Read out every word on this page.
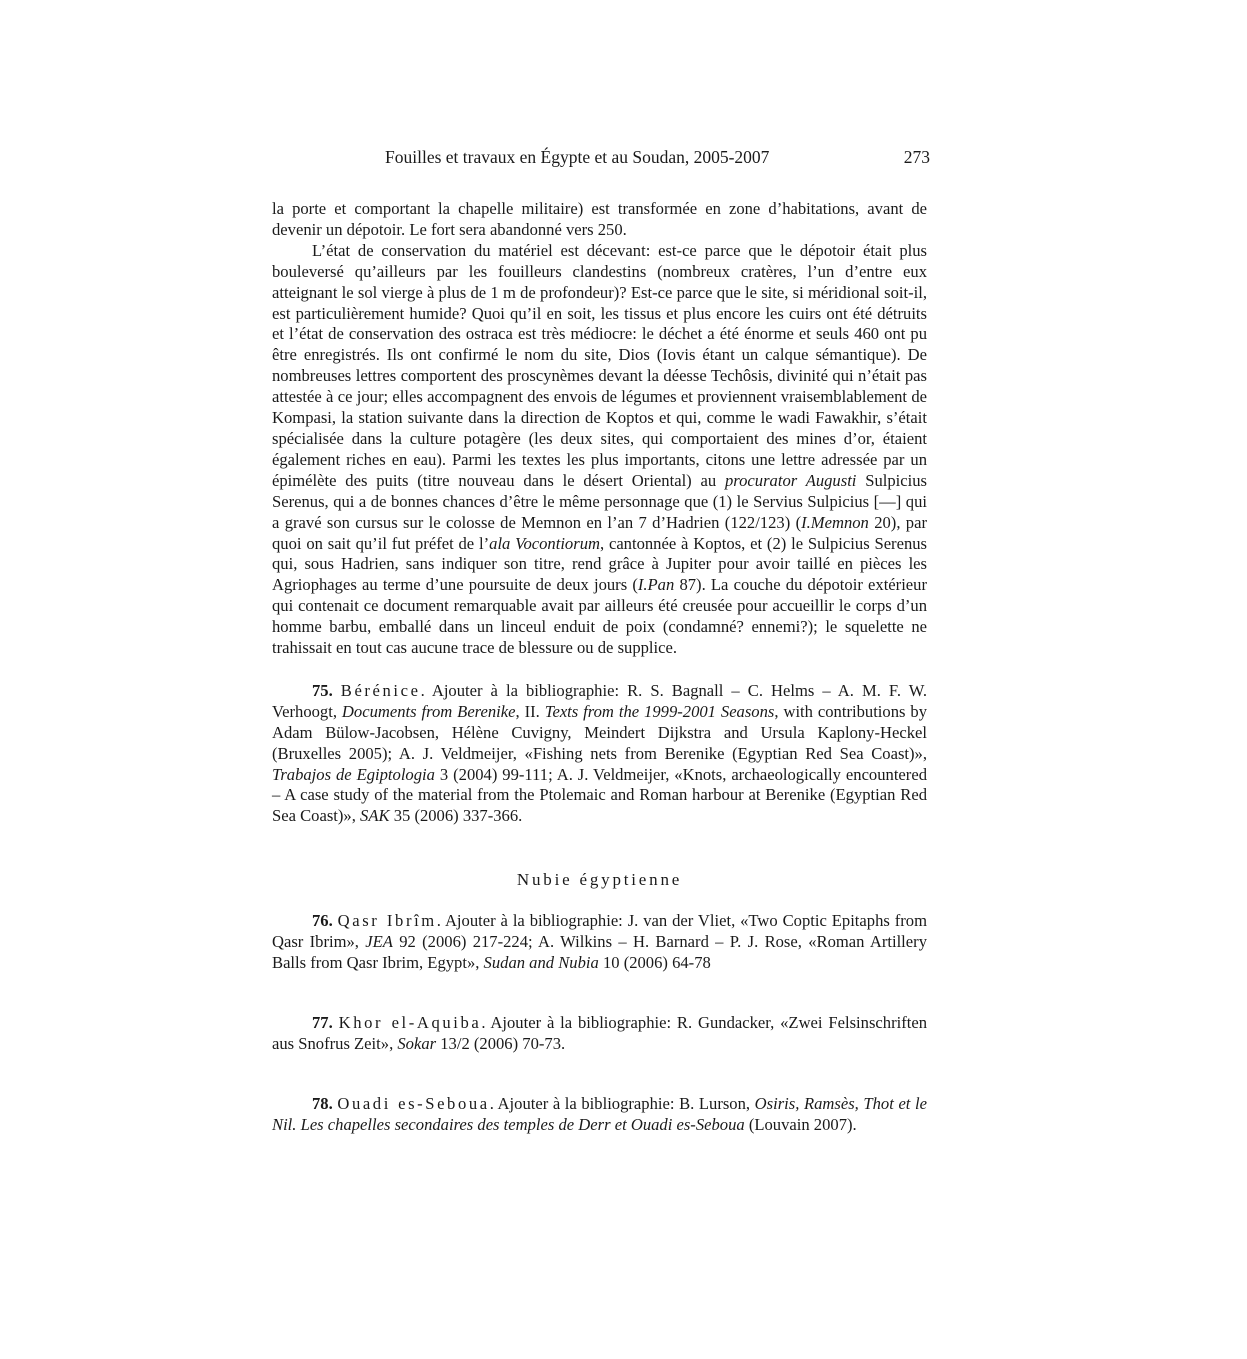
Fouilles et travaux en Égypte et au Soudan, 2005-2007	273

la porte et comportant la chapelle militaire) est transformée en zone d’habitations, avant de devenir un dépotoir. Le fort sera abandonné vers 250.

L’état de conservation du matériel est décevant: est-ce parce que le dépotoir était plus bouleversé qu’ailleurs par les fouilleurs clandestins (nombreux cratères, l’un d’entre eux atteignant le sol vierge à plus de 1 m de profondeur)? Est-ce parce que le site, si méridional soit-il, est particulièrement humide? Quoi qu’il en soit, les tissus et plus encore les cuirs ont été détruits et l’état de conservation des ostraca est très médiocre: le déchet a été énorme et seuls 460 ont pu être enregistrés. Ils ont confirmé le nom du site, Dios (Iovis étant un calque sémantique). De nombreuses lettres comportent des proscynèmes devant la déesse Techôsis, divinité qui n’était pas attestée à ce jour; elles accompagnent des envois de légumes et proviennent vraisemblablement de Kompasi, la station suivante dans la direction de Koptos et qui, comme le wadi Fawakhir, s’était spécialisée dans la culture potagère (les deux sites, qui comportaient des mines d’or, étaient également riches en eau). Parmi les textes les plus importants, citons une lettre adressée par un épimélète des puits (titre nouveau dans le désert Oriental) au procurator Augusti Sulpicius Serenus, qui a de bonnes chances d’être le même personnage que (1) le Servius Sulpicius [—] qui a gravé son cursus sur le colosse de Memnon en l’an 7 d’Hadrien (122/123) (I.Memnon 20), par quoi on sait qu’il fut préfet de l’ala Vocontiorum, cantonnée à Koptos, et (2) le Sulpicius Serenus qui, sous Hadrien, sans indiquer son titre, rend grâce à Jupiter pour avoir taillé en pièces les Agriophages au terme d’une poursuite de deux jours (I.Pan 87). La couche du dépotoir extérieur qui contenait ce document remarquable avait par ailleurs été creusée pour accueillir le corps d’un homme barbu, emballé dans un linceul enduit de poix (condamné? ennemi?); le squelette ne trahissait en tout cas aucune trace de blessure ou de supplice.

75. Bérénice. Ajouter à la bibliographie: R. S. Bagnall – C. Helms – A. M. F. W. Verhoogt, Documents from Berenike, II. Texts from the 1999-2001 Seasons, with contributions by Adam Bülow-Jacobsen, Hélène Cuvigny, Meindert Dijkstra and Ursula Kaplony-Heckel (Bruxelles 2005); A. J. Veldmeijer, «Fishing nets from Berenike (Egyptian Red Sea Coast)», Trabajos de Egiptologia 3 (2004) 99-111; A. J. Veldmeijer, «Knots, archaeologically encountered – A case study of the material from the Ptolemaic and Roman harbour at Berenike (Egyptian Red Sea Coast)», SAK 35 (2006) 337-366.

Nubie égyptienne

76. Qasr Ibrîm. Ajouter à la bibliographie: J. van der Vliet, «Two Coptic Epitaphs from Qasr Ibrim», JEA 92 (2006) 217-224; A. Wilkins – H. Barnard – P. J. Rose, «Roman Artillery Balls from Qasr Ibrim, Egypt», Sudan and Nubia 10 (2006) 64-78

77. Khor el-Aquiba. Ajouter à la bibliographie: R. Gundacker, «Zwei Felsinschriften aus Snofrus Zeit», Sokar 13/2 (2006) 70-73.

78. Ouadi es-Seboua. Ajouter à la bibliographie: B. Lurson, Osiris, Ramsès, Thot et le Nil. Les chapelles secondaires des temples de Derr et Ouadi es-Seboua (Louvain 2007).
